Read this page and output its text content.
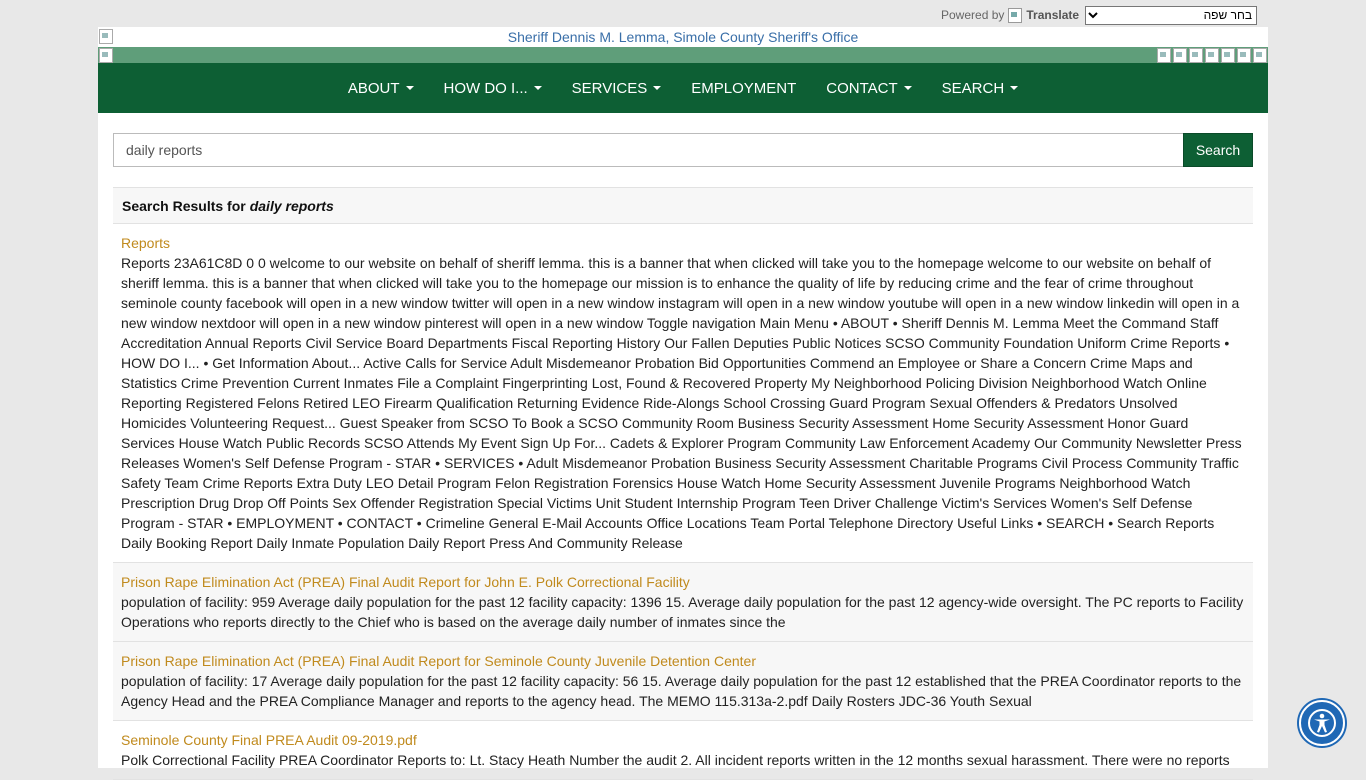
Powered by Translate
בחר שפה
Sheriff Dennis M. Lemma, Simole County Sheriff's Office
ABOUT	HOW DO I...	SERVICES	EMPLOYMENT CONTACT	SEARCH
daily reports
Search
Search Results for daily reports
Reports

Reports 23A61C8D 0 0 welcome to our website on behalf of sheriff lemma. this is a banner that when clicked will take you to the homepage welcome to our website on behalf of sheriff lemma. this is a banner that when clicked will take you to the homepage our mission is to enhance the quality of life by reducing crime and the fear of crime throughout seminole county facebook will open in a new window twitter will open in a new window instagram will open in a new window youtube will open in a new window linkedin will open in a new window nextdoor will open in a new window pinterest will open in a new window Toggle navigation Main Menu • ABOUT • Sheriff Dennis M. Lemma Meet the Command Staff Accreditation Annual Reports Civil Service Board Departments Fiscal Reporting History Our Fallen Deputies Public Notices SCSO Community Foundation Uniform Crime Reports • HOW DO I... • Get Information About... Active Calls for Service Adult Misdemeanor Probation Bid Opportunities Commend an Employee or Share a Concern Crime Maps and Statistics Crime Prevention Current Inmates File a Complaint Fingerprinting Lost, Found & Recovered Property My Neighborhood Policing Division Neighborhood Watch Online Reporting Registered Felons Retired LEO Firearm Qualification Returning Evidence Ride-Alongs School Crossing Guard Program Sexual Offenders & Predators Unsolved Homicides Volunteering Request... Guest Speaker from SCSO To Book a SCSO Community Room Business Security Assessment Home Security Assessment Honor Guard Services House Watch Public Records SCSO Attends My Event Sign Up For... Cadets & Explorer Program Community Law Enforcement Academy Our Community Newsletter Press Releases Women's Self Defense Program - STAR • SERVICES • Adult Misdemeanor Probation Business Security Assessment Charitable Programs Civil Process Community Traffic Safety Team Crime Reports Extra Duty LEO Detail Program Felon Registration Forensics House Watch Home Security Assessment Juvenile Programs Neighborhood Watch Prescription Drug Drop Off Points Sex Offender Registration Special Victims Unit Student Internship Program Teen Driver Challenge Victim's Services Women's Self Defense Program - STAR • EMPLOYMENT • CONTACT • Crimeline General E-Mail Accounts Office Locations Team Portal Telephone Directory Useful Links • SEARCH • Search Reports Daily Booking Report Daily Inmate Population Daily Report Press And Community Release

Prison Rape Elimination Act (PREA) Final Audit Report for John E. Polk Correctional Facility

population of facility: 959 Average daily population for the past 12 facility capacity: 1396 15. Average daily population for the past 12 agency-wide oversight. The PC reports to Facility Operations who reports directly to the Chief who is based on the average daily number of inmates since the

Prison Rape Elimination Act (PREA) Final Audit Report for Seminole County Juvenile Detention Center

population of facility: 17 Average daily population for the past 12 facility capacity: 56 15. Average daily population for the past 12 established that the PREA Coordinator reports to the Agency Head and the PREA Compliance Manager and reports to the agency head. The MEMO 115.313a-2.pdf Daily Rosters JDC-36 Youth Sexual

Seminole County Final PREA Audit 09-2019.pdf

Polk Correctional Facility PREA Coordinator Reports to: Lt. Stacy Heath Number the audit 2. All incident reports written in the 12 months sexual harassment. There were no reports
